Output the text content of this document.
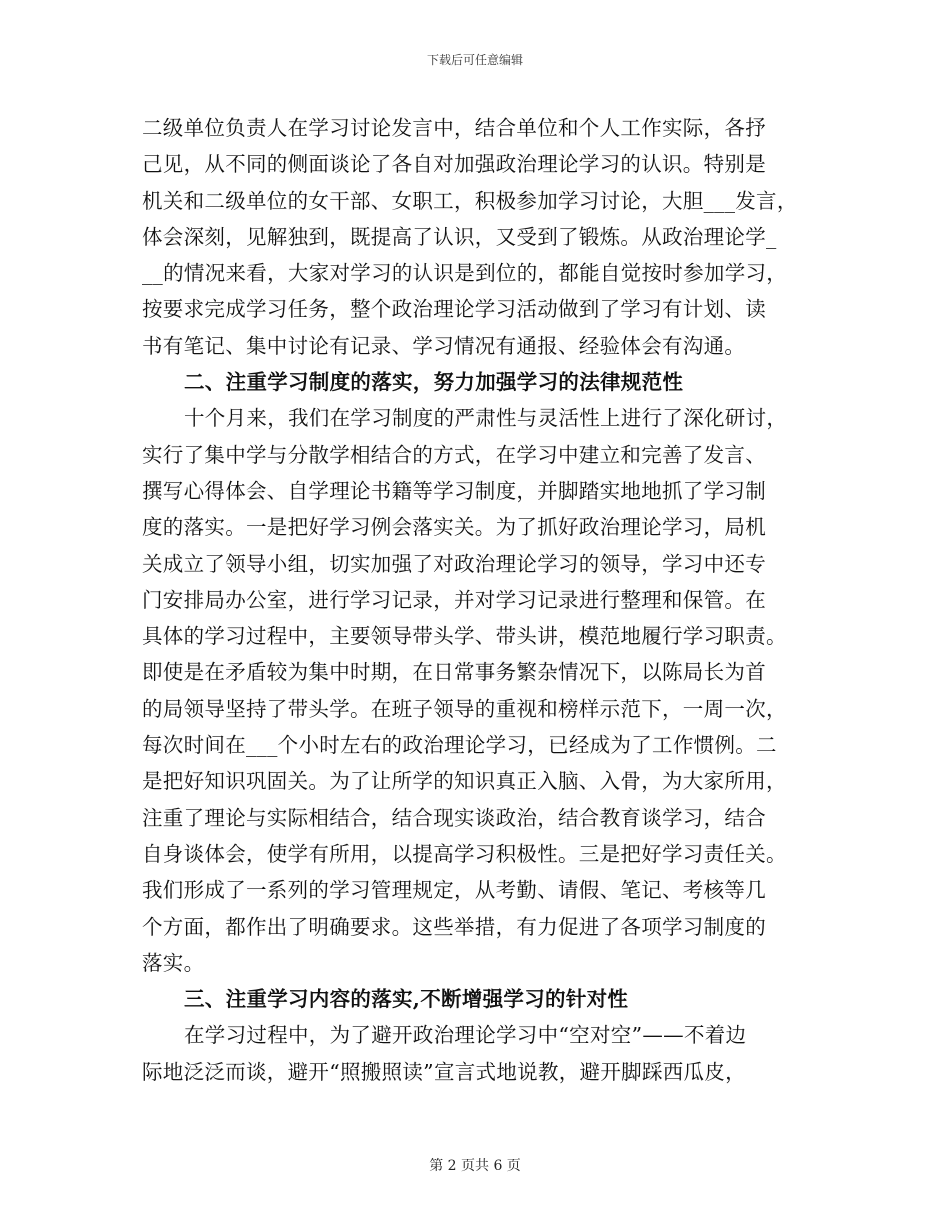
下载后可任意编辑
二级单位负责人在学习讨论发言中，结合单位和个人工作实际，各抒
己见，从不同的侧面谈论了各自对加强政治理论学习的认识。特别是
机关和二级单位的女干部、女职工，积极参加学习讨论，大胆___发言，
体会深刻，见解独到，既提高了认识，又受到了锻炼。从政治理论学_
__的情况来看，大家对学习的认识是到位的，都能自觉按时参加学习，
按要求完成学习任务，整个政治理论学习活动做到了学习有计划、读
书有笔记、集中讨论有记录、学习情况有通报、经验体会有沟通。
二、注重学习制度的落实，努力加强学习的法律规范性
十个月来，我们在学习制度的严肃性与灵活性上进行了深化研讨，
实行了集中学与分散学相结合的方式，在学习中建立和完善了发言、
撰写心得体会、自学理论书籍等学习制度，并脚踏实地地抓了学习制
度的落实。一是把好学习例会落实关。为了抓好政治理论学习，局机
关成立了领导小组，切实加强了对政治理论学习的领导，学习中还专
门安排局办公室，进行学习记录，并对学习记录进行整理和保管。在
具体的学习过程中，主要领导带头学、带头讲，模范地履行学习职责。
即使是在矛盾较为集中时期，在日常事务繁杂情况下，以陈局长为首
的局领导坚持了带头学。在班子领导的重视和榜样示范下，一周一次，
每次时间在___个小时左右的政治理论学习，已经成为了工作惯例。二
是把好知识巩固关。为了让所学的知识真正入脑、入骨，为大家所用，
注重了理论与实际相结合，结合现实谈政治，结合教育谈学习，结合
自身谈体会，使学有所用，以提高学习积极性。三是把好学习责任关。
我们形成了一系列的学习管理规定，从考勤、请假、笔记、考核等几
个方面，都作出了明确要求。这些举措，有力促进了各项学习制度的
落实。
三、注重学习内容的落实,不断增强学习的针对性
在学习过程中，为了避开政治理论学习中“空对空”——不着边
际地泛泛而谈，避开“照搬照读”宣言式地说教，避开脚踩西瓜皮，
第 2 页共 6 页
